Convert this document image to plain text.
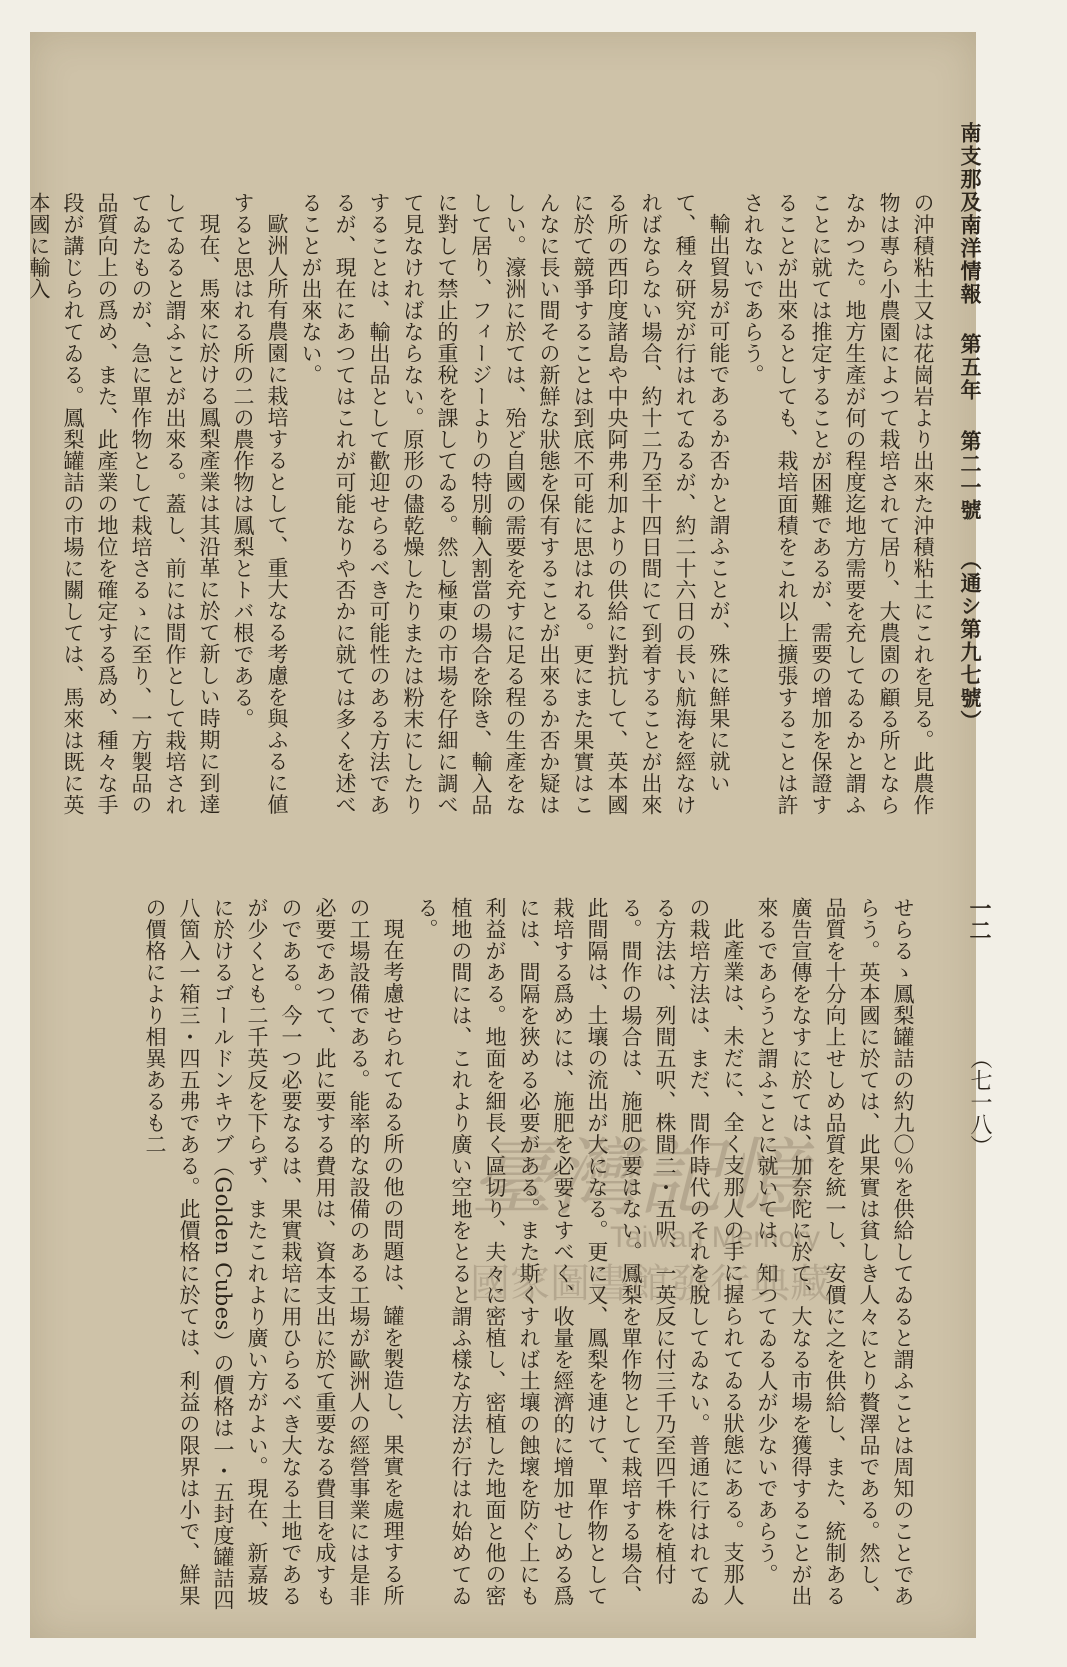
南支那及南洋情報 第五年 第二一號 （通シ第九七號）

の沖積粘土又は花崗岩より出來た沖積粘土にこれを見る。此農作物は專ら小農園によつて栽培されて居り、大農園の顧る所とならなかつた。地方生產が何の程度迄地方需要を充してゐるかと謂ふことに就ては推定することが困難であるが、需要の增加を保證することが出來るとしても、栽培面積をこれ以上擴張することは許されないであらう。

輸出貿易が可能であるか否かと謂ふことが、殊に鮮果に就いて、種々研究が行はれてゐるが、約二十六日の長い航海を經なければならない場合、約十二乃至十四日間にて到着することが出來る所の西印度諸島や中央阿弗利加よりの供給に對抗して、英本國に於て競爭することは到底不可能に思はれる。更にまた果實はこんなに長い間その新鮮な狀態を保有することが出來るか否か疑はしい。濠洲に於ては、殆ど自國の需要を充すに足る程の生產をなして居り、フィージーよりの特別輸入割當の場合を除き、輸入品に對して禁止的重稅を課してゐる。然し極東の市場を仔細に調べて見なければならない。原形の儘乾燥したりまたは粉末にしたりすることは、輸出品として歡迎せらるべき可能性のある方法であるが、現在にあつてはこれが可能なりや否かに就ては多くを述べることが出來ない。

歐洲人所有農園に栽培するとして、重大なる考慮を與ふるに値すると思はれる所の二の農作物は鳳梨とトバ根である。

現在、馬來に於ける鳳梨產業は其沿革に於て新しい時期に到達してゐると謂ふことが出來る。蓋し、前には間作として栽培されてゐたものが、急に單作物として栽培さるゝに至り、一方製品の品質向上の爲め、また、此產業の地位を確定する爲め、種々な手段が講じられてゐる。鳳梨罐詰の市場に關しては、馬來は既に英本國に輸入

一二
（七一八）

せらるゝ鳳梨罐詰の約九〇％を供給してゐると謂ふことは周知のことであらう。英本國に於ては、此果實は貧しき人々にとり贅澤品である。然し、品質を十分向上せしめ品質を統一し、安價に之を供給し、また、統制ある廣告宣傳をなすに於ては、加奈陀に於て、大なる市場を獲得することが出來るであらうと謂ふことに就いては、知つてゐる人が少ないであらう。

此產業は、未だに、全く支那人の手に握られてゐる狀態にある。支那人の栽培方法は、まだ、間作時代のそれを脫してゐない。普通に行はれてゐる方法は、列間五呎、株間二・五呎、一英反に付三千乃至四千株を植付る。間作の場合は、施肥の要はない。鳳梨を單作物として栽培する場合、此間隔は、土壤の流出が大になる。更に又、鳳梨を連けて、單作物として栽培する爲めには、施肥を必要とすべく、收量を經濟的に增加せしめる爲には、間隔を狹める必要がある。また斯くすれば土壤の蝕壞を防ぐ上にも利益がある。地面を細長く區切り、夫々に密植し、密植した地面と他の密植地の間には、これより廣い空地をとると謂ふ樣な方法が行はれ始めてゐる。

現在考慮せられてゐる所の他の問題は、罐を製造し、果實を處理する所の工場設備である。能率的な設備のある工場が歐洲人の經營事業には是非必要であつて、此に要する費用は、資本支出に於て重要なる費目を成すものである。今一つ必要なるは、果實栽培に用ひらるべき大なる土地であるが少くとも二千英反を下らず、またこれより廣い方がよい。現在、新嘉坡に於けるゴールドンキウブ（Golden Cubes）の價格は一・五封度罐詰四八箇入一箱三・四五弗である。此價格に於ては、利益の限界は小で、鮮果の價格により相異あるも二

臺灣記憶
Taiwan Memory
國家圖書館發行典藏
